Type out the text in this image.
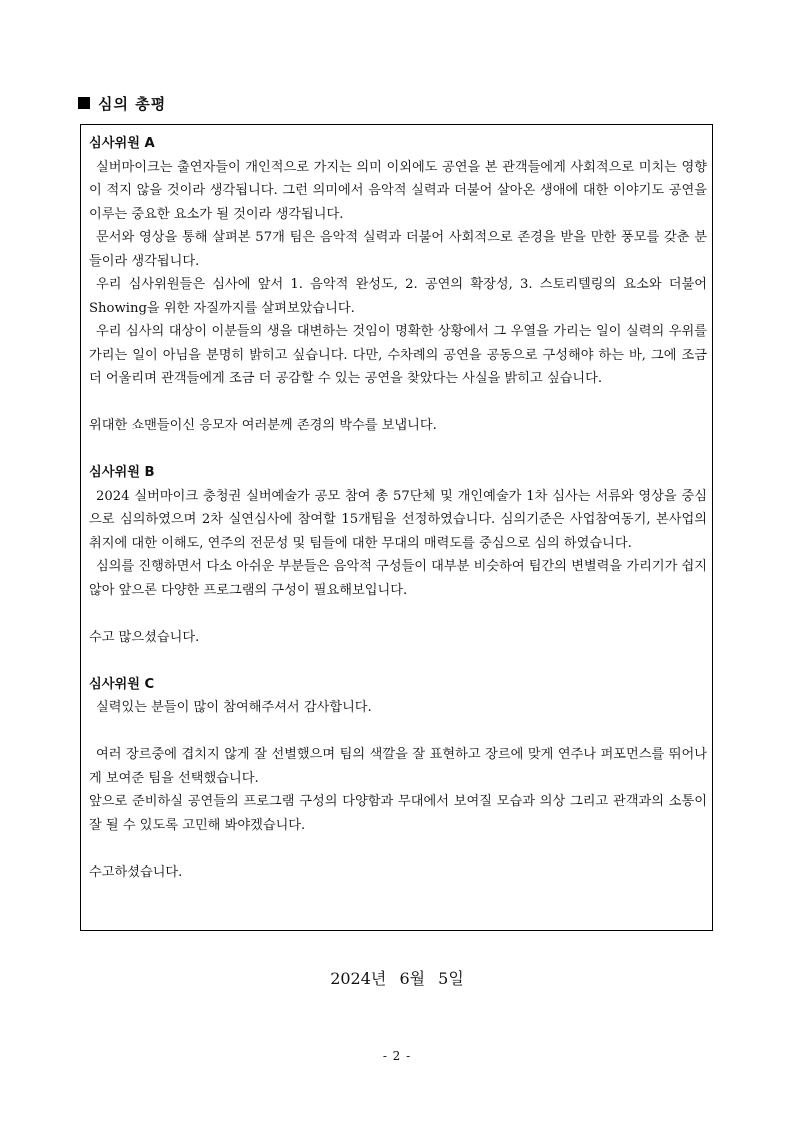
심의 총평

심사위원 A

실버마이크는 출연자들이 개인적으로 가지는 의미 이외에도 공연을 본 관객들에게 사회적으로 미치는 영향이 적지 않을 것이라 생각됩니다. 그런 의미에서 음악적 실력과 더불어 살아온 생애에 대한 이야기도 공연을 이루는 중요한 요소가 될 것이라 생각됩니다.

문서와 영상을 통해 살펴본 57개 팀은 음악적 실력과 더불어 사회적으로 존경을 받을 만한 풍모를 갖춘 분들이라 생각됩니다.

우리 심사위원들은 심사에 앞서 1. 음악적 완성도, 2. 공연의 확장성, 3. 스토리텔링의 요소와 더불어 Showing을 위한 자질까지를 살펴보았습니다.

우리 심사의 대상이 이분들의 생을 대변하는 것임이 명확한 상황에서 그 우열을 가리는 일이 실력의 우위를 가리는 일이 아님을 분명히 밝히고 싶습니다. 다만, 수차례의 공연을 공동으로 구성해야 하는 바, 그에 조금 더 어울리며 관객들에게 조금 더 공감할 수 있는 공연을 찾았다는 사실을 밝히고 싶습니다.

위대한 쇼맨들이신 응모자 여러분께 존경의 박수를 보냅니다.

심사위원 B

2024 실버마이크 충청권 실버예술가 공모 참여 총 57단체 및 개인예술가 1차 심사는 서류와 영상을 중심으로 심의하였으며 2차 실연심사에 참여할 15개팀을 선정하였습니다. 심의기준은 사업참여동기, 본사업의 취지에 대한 이해도, 연주의 전문성 및 팀들에 대한 무대의 매력도를 중심으로 심의 하였습니다.

심의를 진행하면서 다소 아쉬운 부분들은 음악적 구성들이 대부분 비슷하여 팀간의 변별력을 가리기가 쉽지 않아 앞으론 다양한 프로그램의 구성이 필요해보입니다.

수고 많으셨습니다.

심사위원 C

실력있는 분들이 많이 참여해주셔서 감사합니다.

여러 장르중에 겹치지 않게 잘 선별했으며 팀의 색깔을 잘 표현하고 장르에 맞게 연주나 퍼포먼스를 뛰어나게 보여준 팀을 선택했습니다.

앞으로 준비하실 공연들의 프로그램 구성의 다양함과 무대에서 보여질 모습과 의상 그리고 관객과의 소통이 잘 될 수 있도록 고민해 봐야겠습니다.

수고하셨습니다.

2024년 6월 5일
- 2 -
